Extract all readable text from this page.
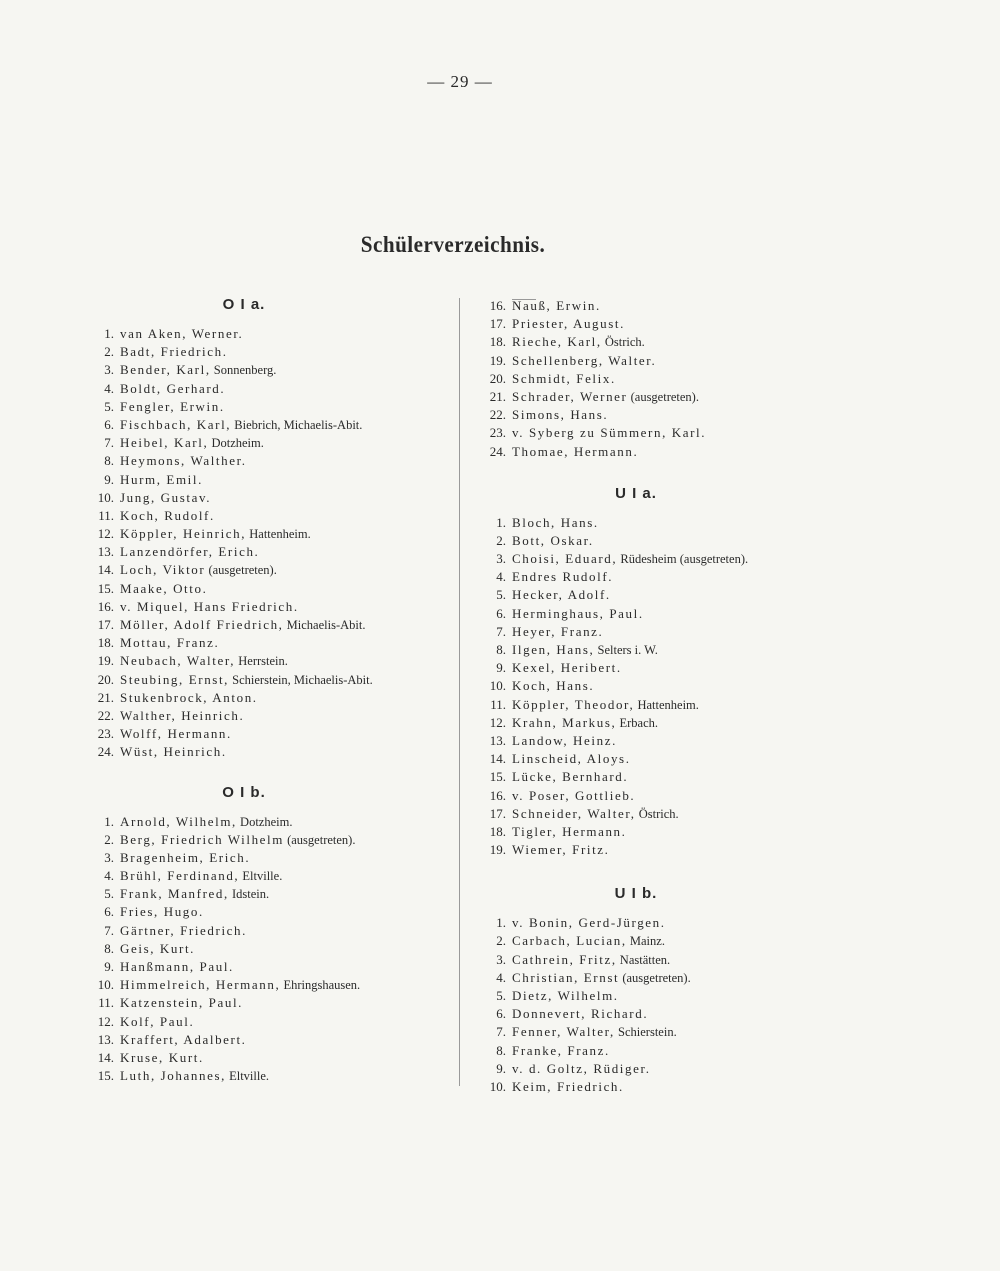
— 29 —
Schülerverzeichnis.
O I a.
1. van Aken, Werner.
2. Badt, Friedrich.
3. Bender, Karl, Sonnenberg.
4. Boldt, Gerhard.
5. Fengler, Erwin.
6. Fischbach, Karl, Biebrich, Michaelis-Abit.
7. Heibel, Karl, Dotzheim.
8. Heymons, Walther.
9. Hurm, Emil.
10. Jung, Gustav.
11. Koch, Rudolf.
12. Köppler, Heinrich, Hattenheim.
13. Lanzendörfer, Erich.
14. Loch, Viktor (ausgetreten).
15. Maake, Otto.
16. v. Miquel, Hans Friedrich.
17. Möller, Adolf Friedrich, Michaelis-Abit.
18. Mottau, Franz.
19. Neubach, Walter, Herrstein.
20. Steubing, Ernst, Schierstein, Michaelis-Abit.
21. Stukenbrock, Anton.
22. Walther, Heinrich.
23. Wolff, Hermann.
24. Wüst, Heinrich.
O I b.
1. Arnold, Wilhelm, Dotzheim.
2. Berg, Friedrich Wilhelm (ausgetreten).
3. Bragenheim, Erich.
4. Brühl, Ferdinand, Eltville.
5. Frank, Manfred, Idstein.
6. Fries, Hugo.
7. Gärtner, Friedrich.
8. Geis, Kurt.
9. Hanßmann, Paul.
10. Himmelreich, Hermann, Ehringshausen.
11. Katzenstein, Paul.
12. Kolf, Paul.
13. Kraffert, Adalbert.
14. Kruse, Kurt.
15. Luth, Johannes, Eltville.
16. Nauß, Erwin.
17. Priester, August.
18. Rieche, Karl, Östrich.
19. Schellenberg, Walter.
20. Schmidt, Felix.
21. Schrader, Werner (ausgetreten).
22. Simons, Hans.
23. v. Syberg zu Sümmern, Karl.
24. Thomae, Hermann.
U I a.
1. Bloch, Hans.
2. Bott, Oskar.
3. Choisi, Eduard, Rüdesheim (ausgetreten).
4. Endres Rudolf.
5. Hecker, Adolf.
6. Herminghaus, Paul.
7. Heyer, Franz.
8. Ilgen, Hans, Selters i. W.
9. Kexel, Heribert.
10. Koch, Hans.
11. Köppler, Theodor, Hattenheim.
12. Krahn, Markus, Erbach.
13. Landow, Heinz.
14. Linscheid, Aloys.
15. Lücke, Bernhard.
16. v. Poser, Gottlieb.
17. Schneider, Walter, Östrich.
18. Tigler, Hermann.
19. Wiemer, Fritz.
U I b.
1. v. Bonin, Gerd-Jürgen.
2. Carbach, Lucian, Mainz.
3. Cathrein, Fritz, Nastätten.
4. Christian, Ernst (ausgetreten).
5. Dietz, Wilhelm.
6. Donnevert, Richard.
7. Fenner, Walter, Schierstein.
8. Franke, Franz.
9. v. d. Goltz, Rüdiger.
10. Keim, Friedrich.
